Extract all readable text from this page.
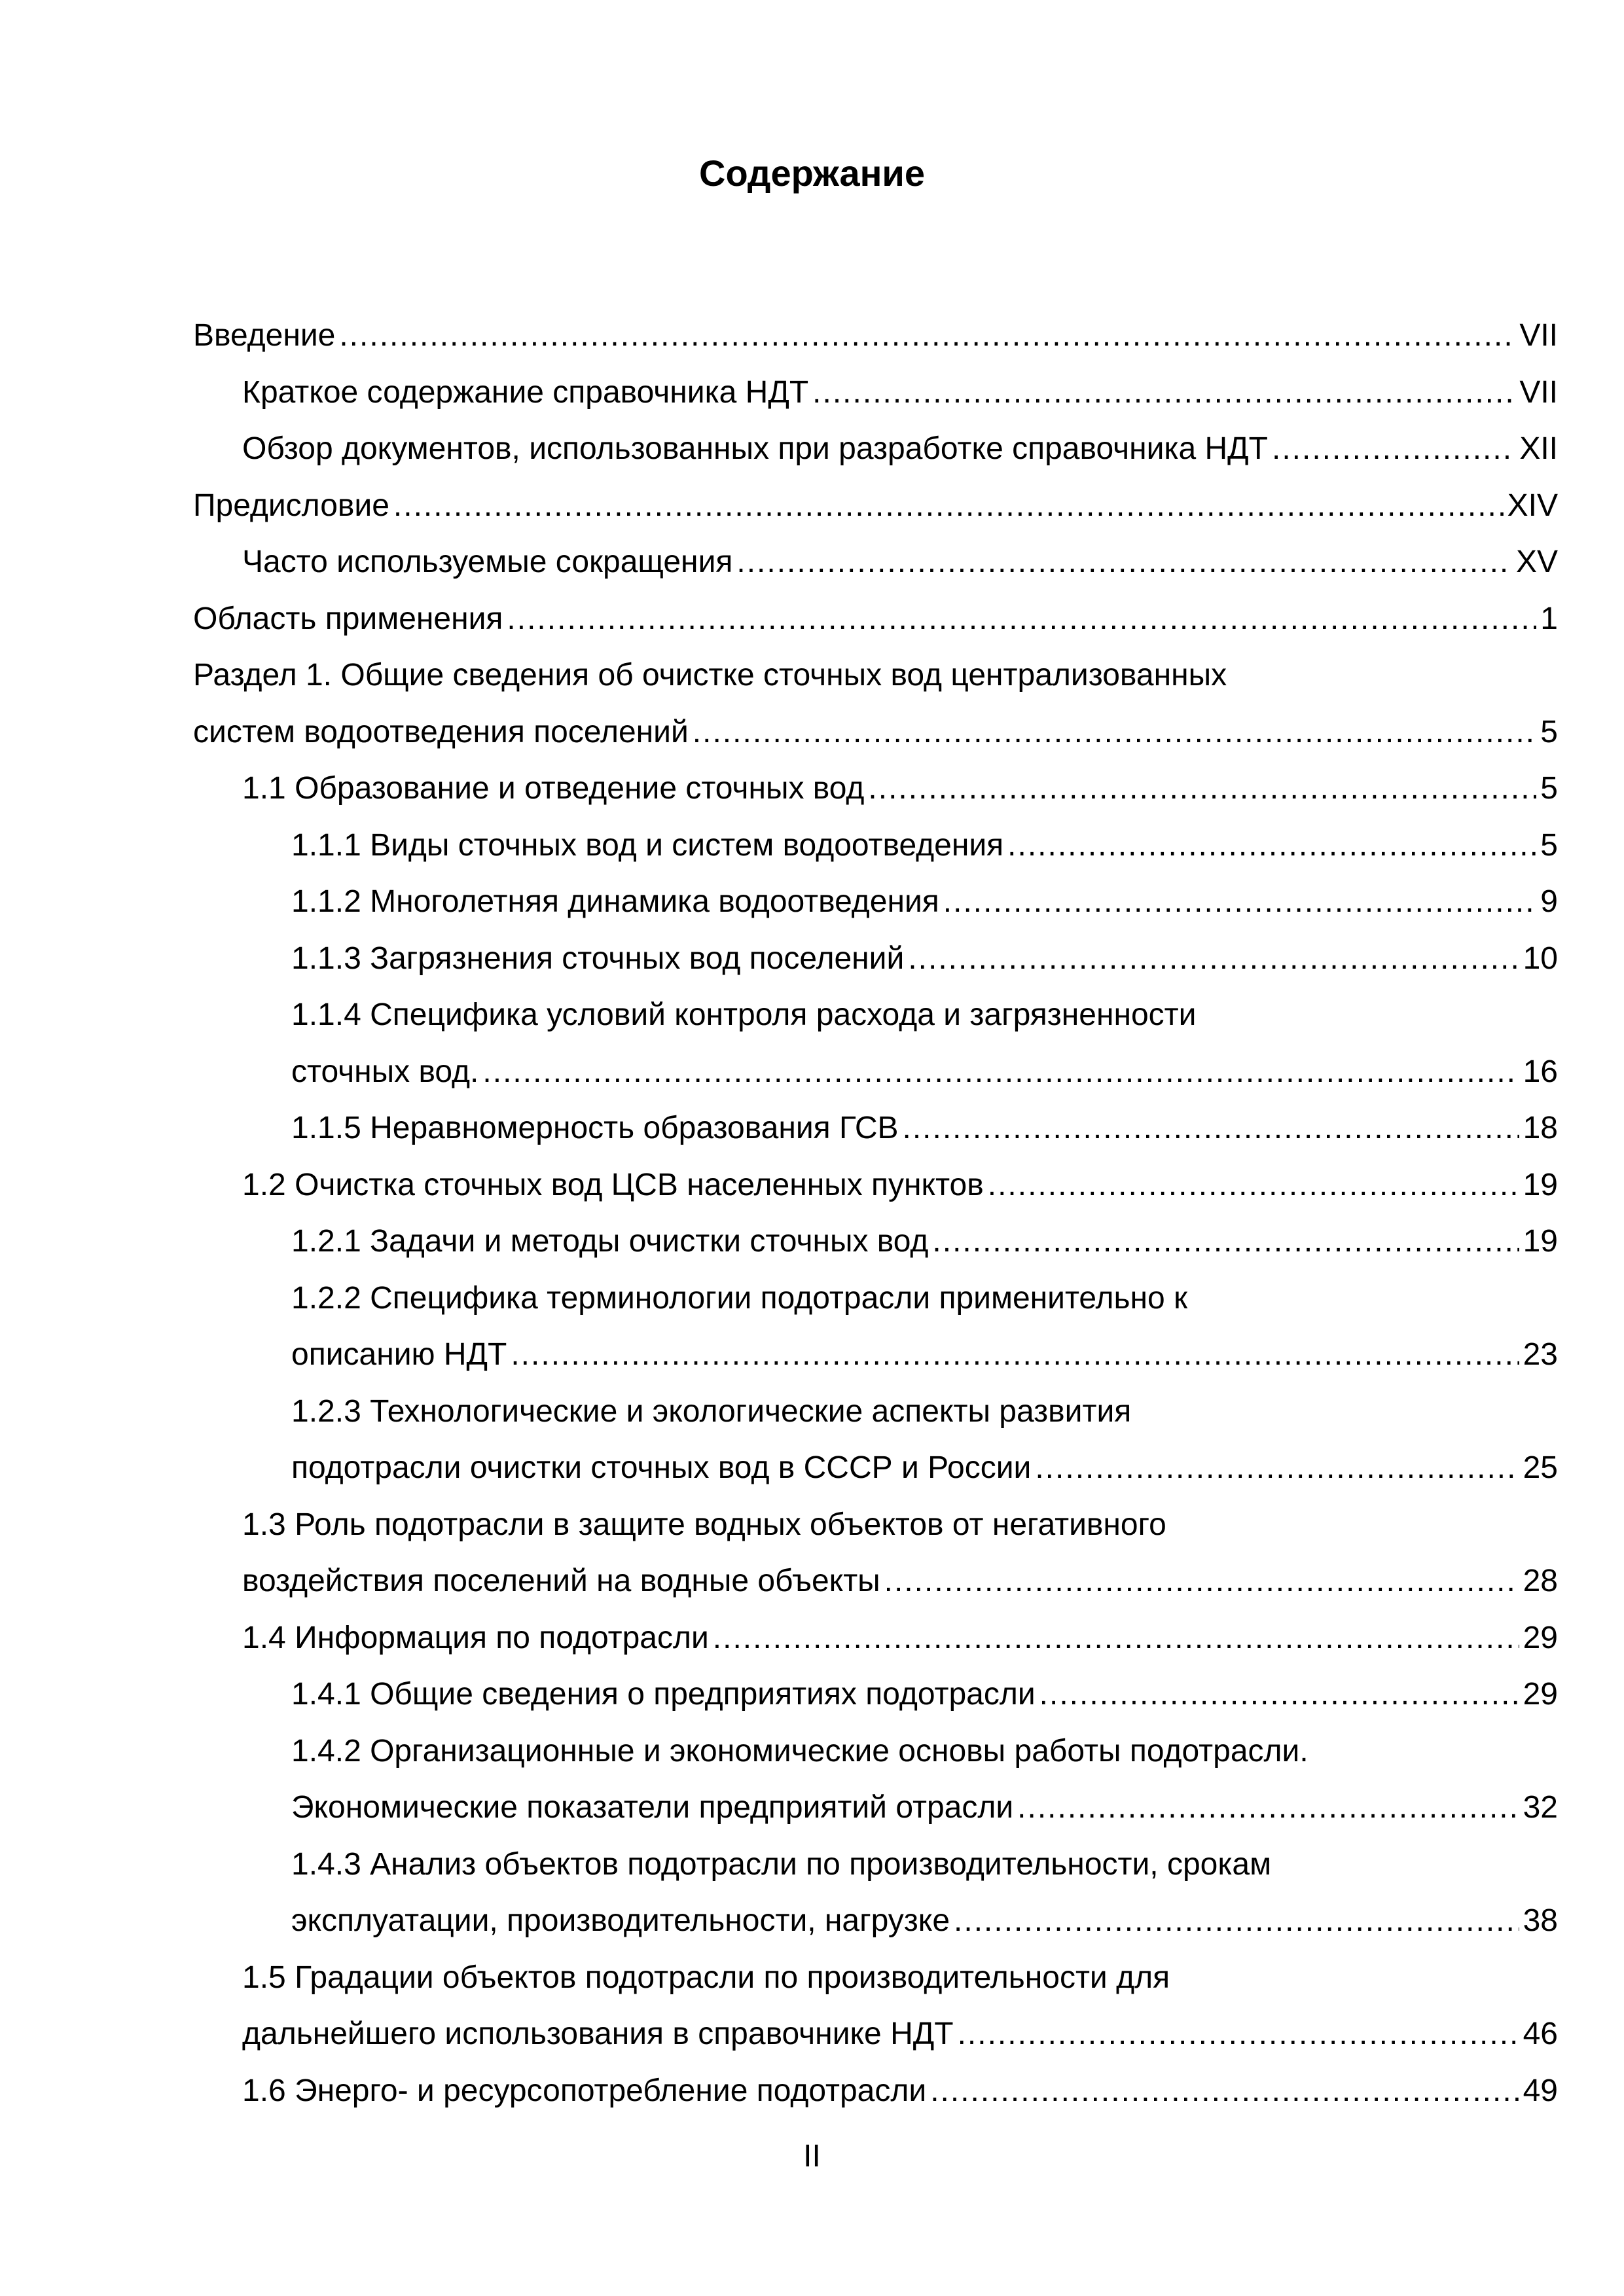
Содержание
Введение .....	VII
Краткое содержание справочника НДТ .....	VII
Обзор документов, использованных при разработке справочника НДТ .....	XII
Предисловие .....	XIV
Часто используемые сокращения .....	XV
Область применения .....	1
Раздел 1. Общие сведения об очистке сточных вод централизованных
систем водоотведения поселений .....	5
1.1 Образование и отведение сточных вод .....	5
1.1.1 Виды сточных вод и систем водоотведения .....	5
1.1.2 Многолетняя динамика водоотведения .....	9
1.1.3 Загрязнения сточных вод поселений .....	10
1.1.4 Специфика условий контроля расхода и загрязненности
сточных вод. .....	16
1.1.5 Неравномерность образования ГСВ .....	18
1.2 Очистка сточных вод ЦСВ населенных пунктов .....	19
1.2.1 Задачи и методы очистки сточных вод .....	19
1.2.2 Специфика терминологии подотрасли применительно к
описанию НДТ .....	23
1.2.3 Технологические и экологические аспекты развития
подотрасли очистки сточных вод в СССР и России .....	25
1.3 Роль подотрасли в защите водных объектов от негативного
воздействия поселений на водные объекты .....	28
1.4 Информация по подотрасли .....	29
1.4.1 Общие сведения о предприятиях подотрасли .....	29
1.4.2 Организационные и экономические основы работы подотрасли.
Экономические показатели предприятий отрасли .....	32
1.4.3 Анализ объектов подотрасли по производительности, срокам
эксплуатации, производительности, нагрузке .....	38
1.5 Градации объектов подотрасли по производительности для
дальнейшего использования в справочнике НДТ .....	46
1.6 Энерго- и ресурсопотребление подотрасли .....	49
II
